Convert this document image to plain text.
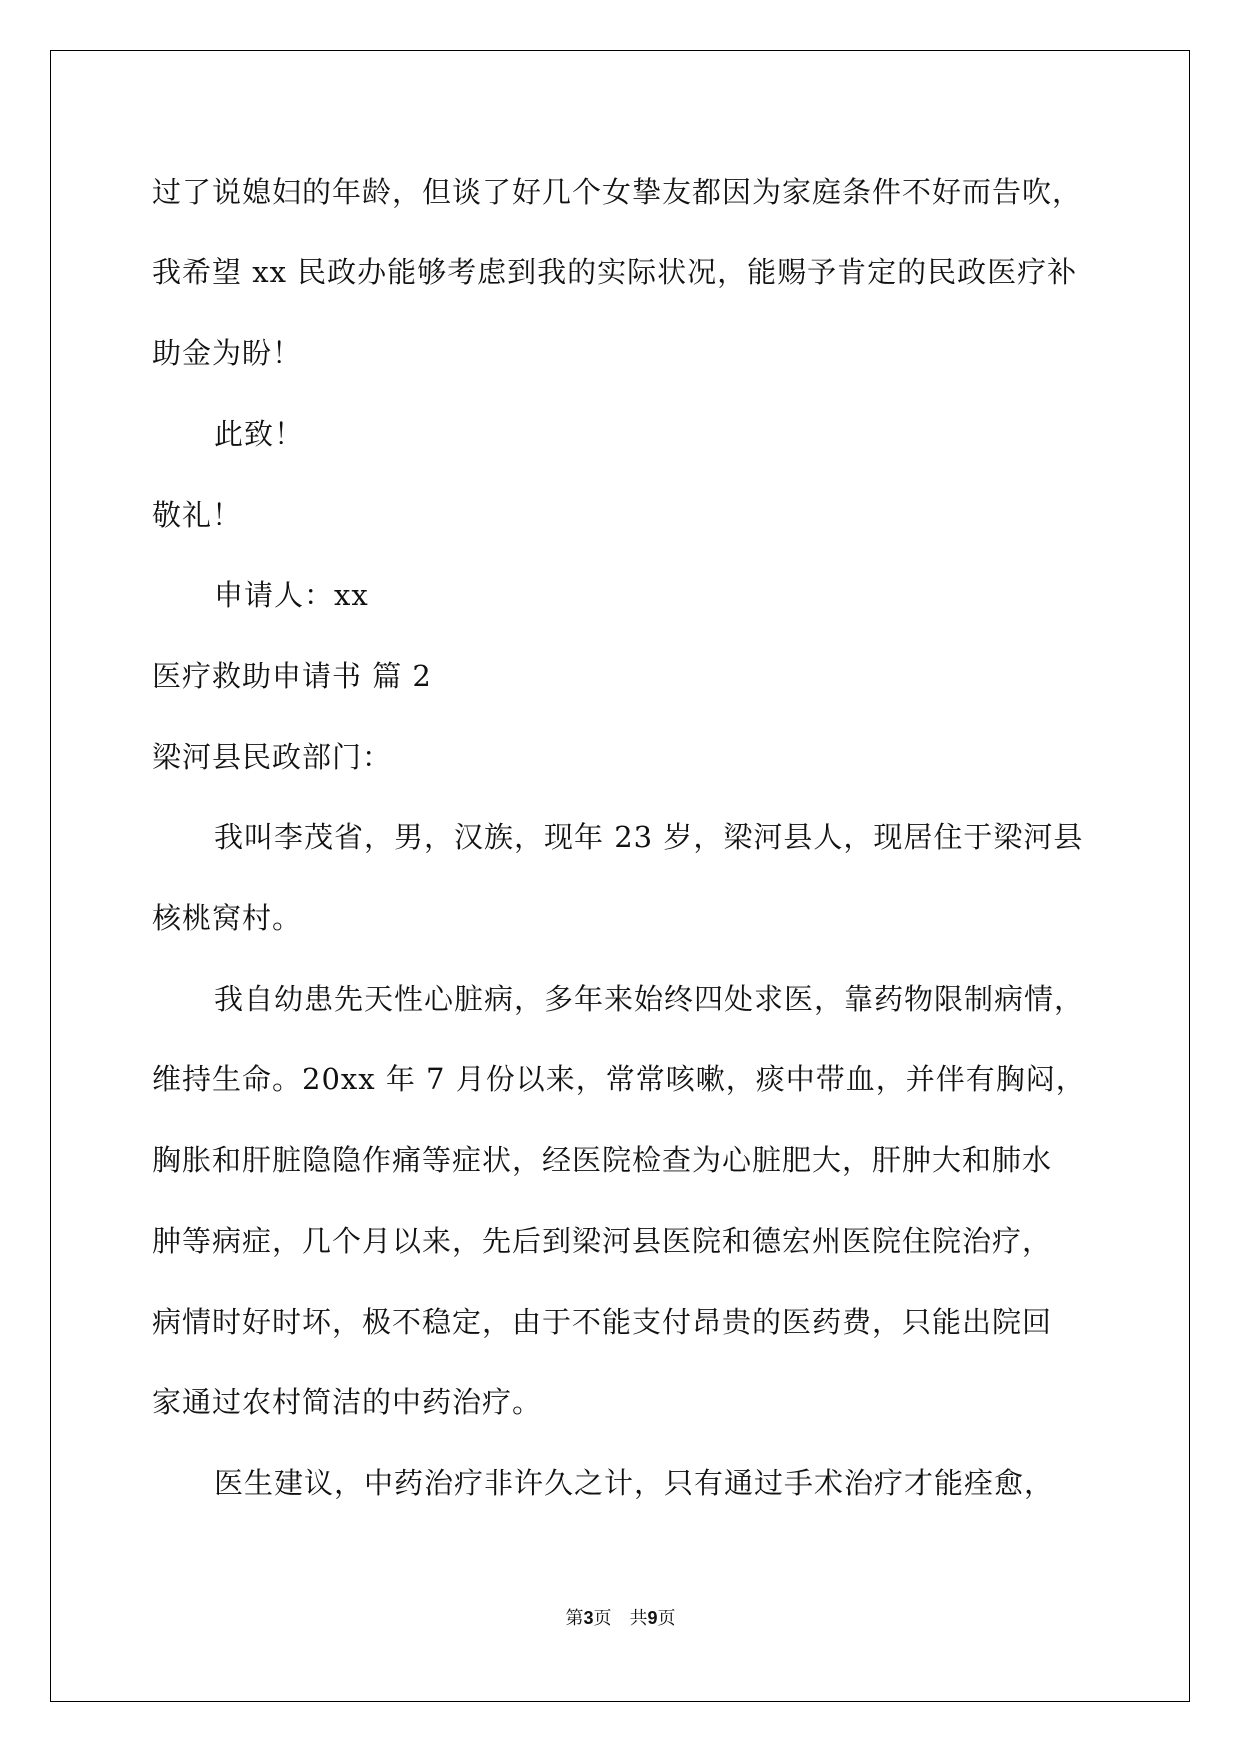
过了说媳妇的年龄，但谈了好几个女挚友都因为家庭条件不好而告吹，

我希望 xx 民政办能够考虑到我的实际状况，能赐予肯定的民政医疗补

助金为盼！

此致！

敬礼！

申请人：xx

医疗救助申请书 篇 2

梁河县民政部门：

我叫李茂省，男，汉族，现年 23 岁，梁河县人，现居住于梁河县

核桃窝村。

我自幼患先天性心脏病，多年来始终四处求医，靠药物限制病情，

维持生命。20xx 年 7 月份以来，常常咳嗽，痰中带血，并伴有胸闷，

胸胀和肝脏隐隐作痛等症状，经医院检查为心脏肥大，肝肿大和肺水

肿等病症，几个月以来，先后到梁河县医院和德宏州医院住院治疗，

病情时好时坏，极不稳定，由于不能支付昂贵的医药费，只能出院回

家通过农村简洁的中药治疗。

医生建议，中药治疗非许久之计，只有通过手术治疗才能痊愈，

第3页　共9页
